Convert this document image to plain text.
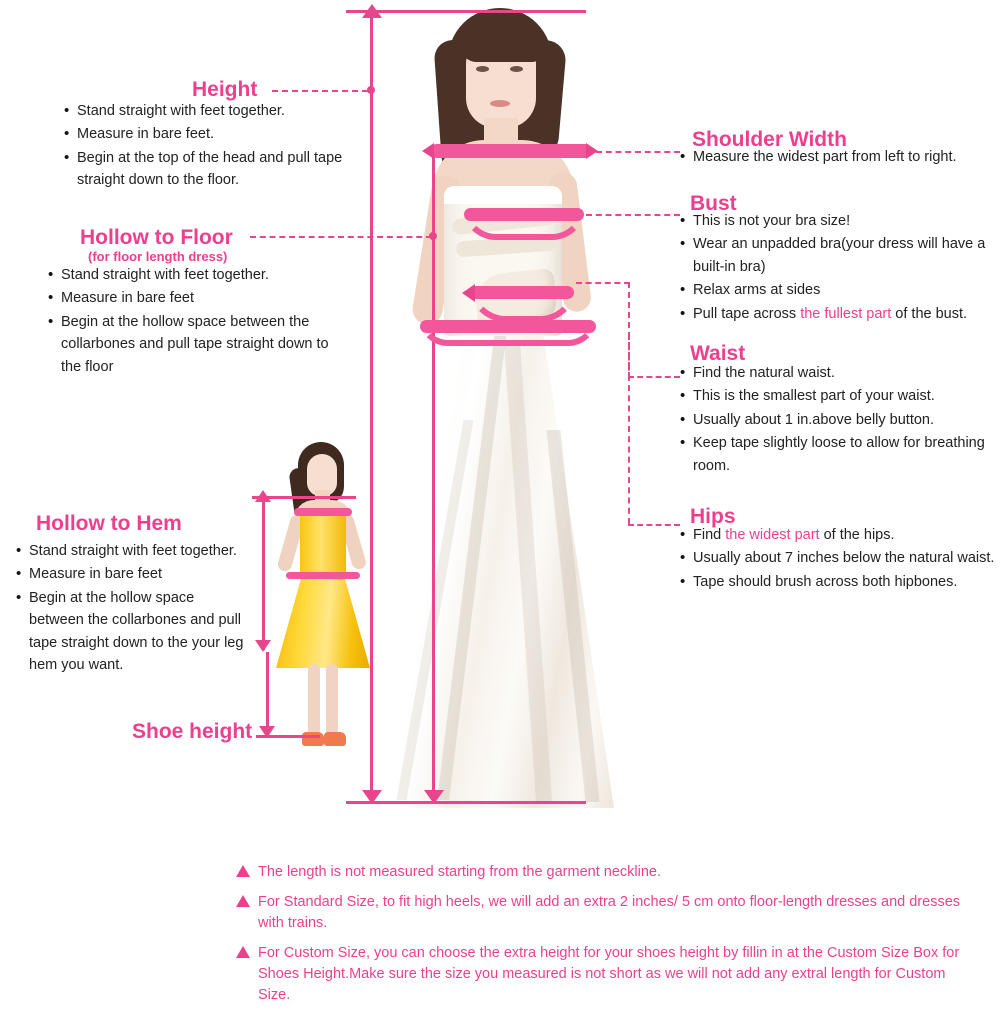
Height
• Stand straight with feet together.
• Measure in bare feet.
• Begin at the top of the head and pull tape straight down to the floor.
Hollow to Floor
(for floor length dress)
• Stand straight with feet together.
• Measure in bare feet
• Begin at the hollow space between the collarbones and pull tape straight down to the floor
Hollow to Hem
• Stand straight with feet together.
• Measure in bare feet
• Begin at the hollow space between the collarbones and pull tape straight down to the your leg hem you want.
Shoe height
Shoulder Width
• Measure the widest part from left to right.
Bust
• This is not your bra size!
• Wear an unpadded bra(your dress will have a built-in bra)
• Relax arms at sides
• Pull tape across the fullest part of the bust.
Waist
• Find the natural waist.
• This is the smallest part of your waist.
• Usually about 1 in.above belly button.
• Keep tape slightly loose to allow for breathing room.
Hips
• Find the widest part of the hips.
• Usually about 7 inches below the natural waist.
• Tape should brush across both hipbones.
The length is not measured starting from the garment neckline.
For Standard Size, to fit high heels, we will add an extra 2 inches/ 5 cm onto floor-length dresses and dresses with trains.
For Custom Size, you can choose the extra height for your shoes height by fillin in at the Custom Size Box for Shoes Height.Make sure the size you measured is not short as we will not add any extral length for Custom Size.
